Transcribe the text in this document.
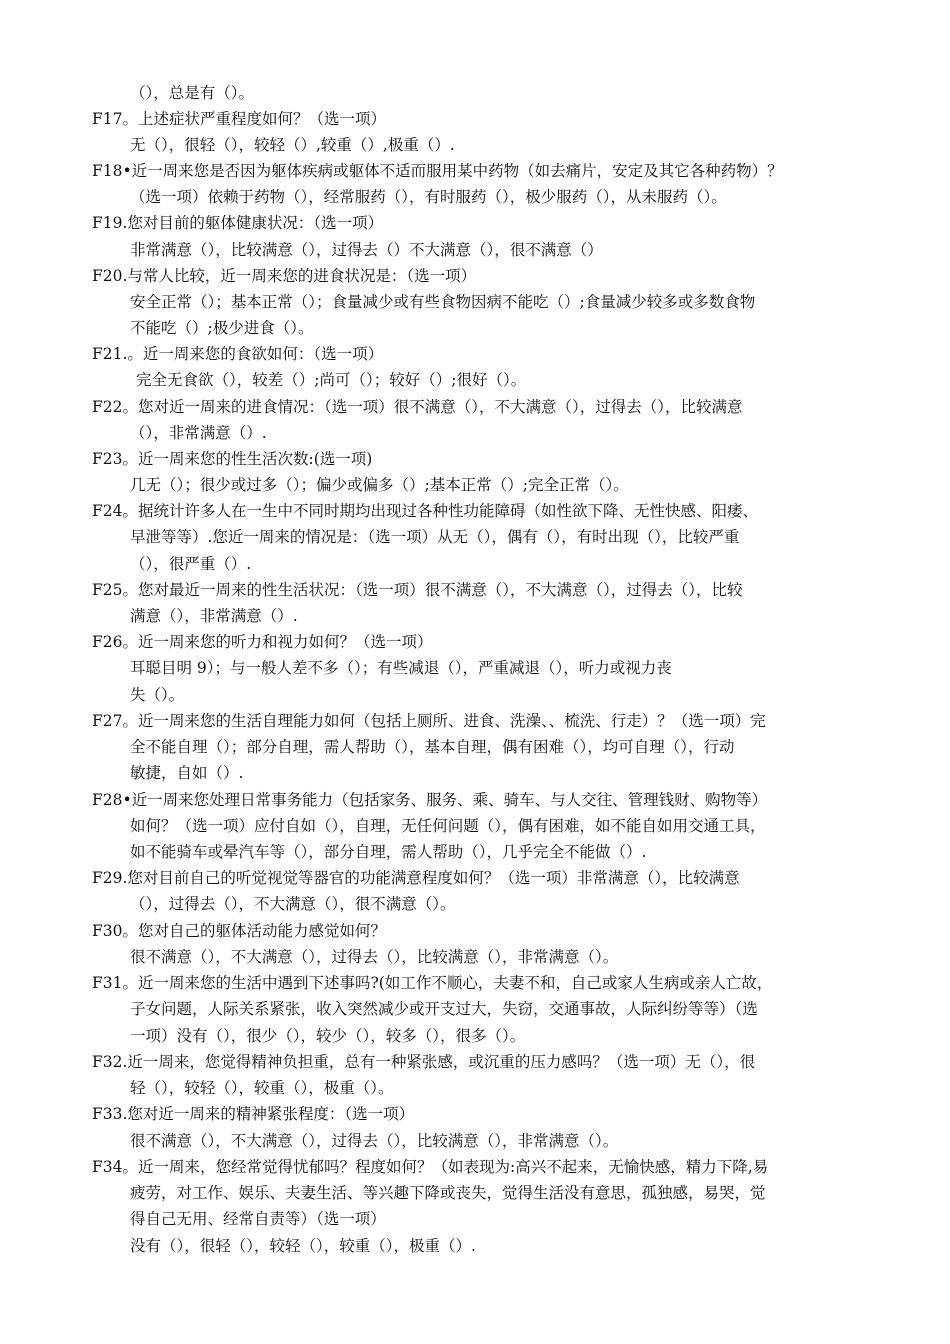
（），总是有（）。
F17。上述症状严重程度如何？（选一项）
无（），很轻（），较轻（）,较重（）,极重（）.
F18•近一周来您是否因为躯体疾病或躯体不适而服用某中药物（如去痛片，安定及其它各种药物）？
（选一项）依赖于药物（），经常服药（），有时服药（），极少服药（），从未服药（）。
F19.您对目前的躯体健康状况：（选一项）
非常满意（），比较满意（），过得去（）不大满意（），很不满意（）
F20.与常人比较，近一周来您的进食状况是：（选一项）
安全正常（）；基本正常（）；食量减少或有些食物因病不能吃（）;食量减少较多或多数食物
不能吃（）;极少进食（）。
F21.。近一周来您的食欲如何：（选一项）
完全无食欲（），较差（）;尚可（）；较好（）;很好（）。
F22。您对近一周来的进食情况：（选一项）很不满意（），不大满意（），过得去（），比较满意
（），非常满意（）.
F23。近一周来您的性生活次数:(选一项)
几无（）；很少或过多（）；偏少或偏多（）;基本正常（）;完全正常（）。
F24。据统计许多人在一生中不同时期均出现过各种性功能障碍（如性欲下降、无性快感、阳痿、
早泄等等）.您近一周来的情况是：（选一项）从无（），偶有（），有时出现（），比较严重
（），很严重（）.
F25。您对最近一周来的性生活状况：（选一项）很不满意（），不大满意（），过得去（），比较
满意（），非常满意（）.
F26。近一周来您的听力和视力如何？（选一项）
耳聪目明 9）；与一般人差不多（）；有些减退（），严重减退（），听力或视力丧
失（）。
F27。近一周来您的生活自理能力如何（包括上厕所、进食、洗澡、、梳洗、行走）？（选一项）完
全不能自理（）；部分自理，需人帮助（），基本自理，偶有困难（），均可自理（），行动
敏捷，自如（）.
F28•近一周来您处理日常事务能力（包括家务、服务、乘、骑车、与人交往、管理钱财、购物等）
如何？（选一项）应付自如（），自理，无任何问题（），偶有困难，如不能自如用交通工具，
如不能骑车或晕汽车等（），部分自理，需人帮助（），几乎完全不能做（）.
F29.您对目前自己的听觉视觉等器官的功能满意程度如何？（选一项）非常满意（），比较满意
（），过得去（），不大满意（），很不满意（）。
F30。您对自己的躯体活动能力感觉如何？
很不满意（），不大满意（），过得去（），比较满意（），非常满意（）。
F31。近一周来您的生活中遇到下述事吗?(如工作不顺心，夫妻不和，自己或家人生病或亲人亡故，
子女问题，人际关系紧张，收入突然减少或开支过大，失窃，交通事故，人际纠纷等等）（选
一项）没有（），很少（），较少（），较多（），很多（）。
F32.近一周来，您觉得精神负担重，总有一种紧张感，或沉重的压力感吗？（选一项）无（），很
轻（），较轻（），较重（），极重（）。
F33.您对近一周来的精神紧张程度：（选一项）
很不满意（），不大满意（），过得去（），比较满意（），非常满意（）。
F34。近一周来，您经常觉得忧郁吗？程度如何？（如表现为:高兴不起来，无愉快感，精力下降,易
疲劳，对工作、娱乐、夫妻生活、等兴趣下降或丧失，觉得生活没有意思，孤独感，易哭，觉
得自己无用、经常自责等）（选一项）
没有（），很轻（），较轻（），较重（），极重（）.
